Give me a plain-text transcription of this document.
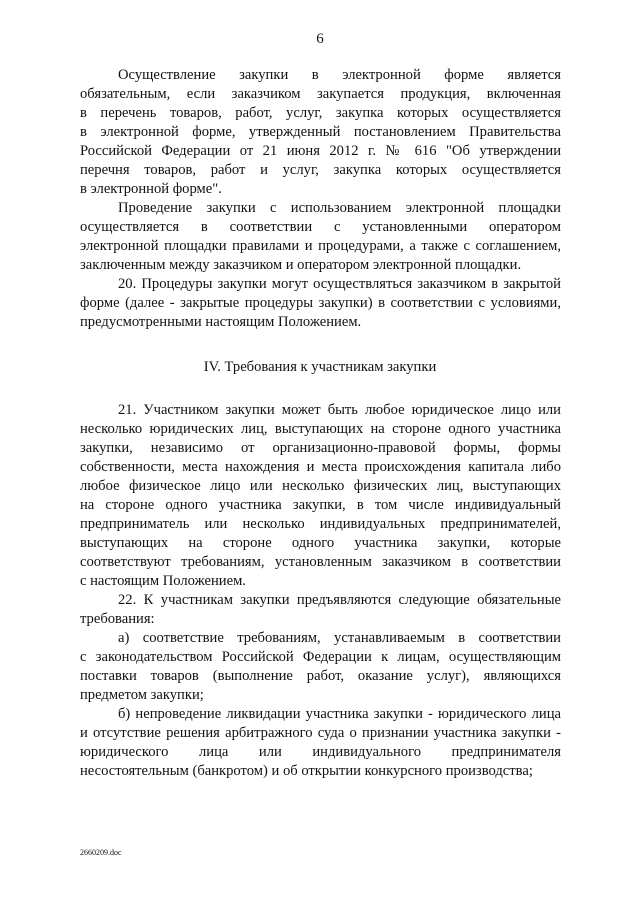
6
Осуществление закупки в электронной форме является
обязательным, если заказчиком закупается продукция, включенная
в перечень товаров, работ, услуг, закупка которых осуществляется
в электронной форме, утвержденный постановлением Правительства
Российской Федерации от 21 июня 2012 г. № 616 "Об утверждении
перечня товаров, работ и услуг, закупка которых осуществляется
в электронной форме".
Проведение закупки с использованием электронной площадки
осуществляется в соответствии с установленными оператором
электронной площадки правилами и процедурами, а также с соглашением,
заключенным между заказчиком и оператором электронной площадки.
20. Процедуры закупки могут осуществляться заказчиком в закрытой
форме (далее - закрытые процедуры закупки) в соответствии с условиями,
предусмотренными настоящим Положением.
IV. Требования к участникам закупки
21. Участником закупки может быть любое юридическое лицо или
несколько юридических лиц, выступающих на стороне одного участника
закупки, независимо от организационно-правовой формы, формы
собственности, места нахождения и места происхождения капитала либо
любое физическое лицо или несколько физических лиц, выступающих
на стороне одного участника закупки, в том числе индивидуальный
предприниматель или несколько индивидуальных предпринимателей,
выступающих на стороне одного участника закупки, которые
соответствуют требованиям, установленным заказчиком в соответствии
с настоящим Положением.
22. К участникам закупки предъявляются следующие обязательные
требования:
а) соответствие требованиям, устанавливаемым в соответствии
с законодательством Российской Федерации к лицам, осуществляющим
поставки товаров (выполнение работ, оказание услуг), являющихся
предметом закупки;
б) непроведение ликвидации участника закупки - юридического лица
и отсутствие решения арбитражного суда о признании участника закупки -
юридического лица или индивидуального предпринимателя
несостоятельным (банкротом) и об открытии конкурсного производства;
2660209.doc
